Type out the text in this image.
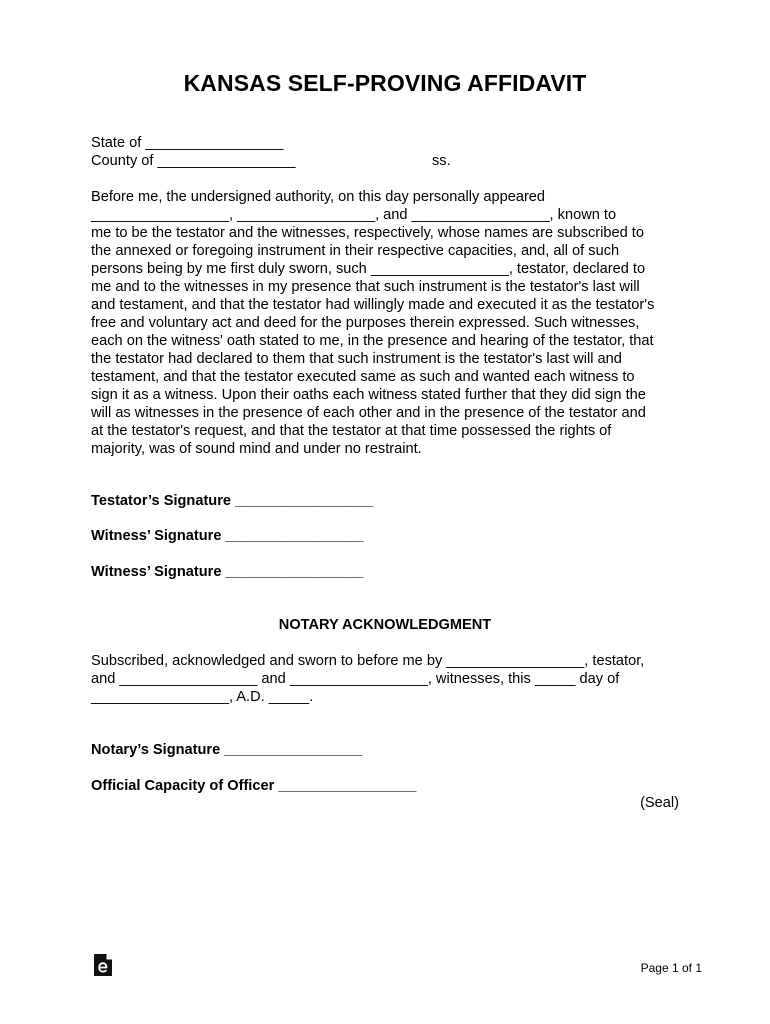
KANSAS SELF-PROVING AFFIDAVIT
State of _________________
County of _________________	ss.
Before me, the undersigned authority, on this day personally appeared
_________________, _________________, and _________________, known to
me to be the testator and the witnesses, respectively, whose names are subscribed to
the annexed or foregoing instrument in their respective capacities, and, all of such
persons being by me first duly sworn, such _________________, testator, declared to
me and to the witnesses in my presence that such instrument is the testator's last will
and testament, and that the testator had willingly made and executed it as the testator's
free and voluntary act and deed for the purposes therein expressed. Such witnesses,
each on the witness' oath stated to me, in the presence and hearing of the testator, that
the testator had declared to them that such instrument is the testator's last will and
testament, and that the testator executed same as such and wanted each witness to
sign it as a witness. Upon their oaths each witness stated further that they did sign the
will as witnesses in the presence of each other and in the presence of the testator and
at the testator's request, and that the testator at that time possessed the rights of
majority, was of sound mind and under no restraint.
Testator’s Signature _________________
Witness’ Signature _________________
Witness’ Signature _________________
NOTARY ACKNOWLEDGMENT
Subscribed, acknowledged and sworn to before me by _________________, testator,
and _________________ and _________________, witnesses, this _____ day of
_________________, A.D. _____.
Notary’s Signature _________________
Official Capacity of Officer _________________
(Seal)
Page 1 of 1
